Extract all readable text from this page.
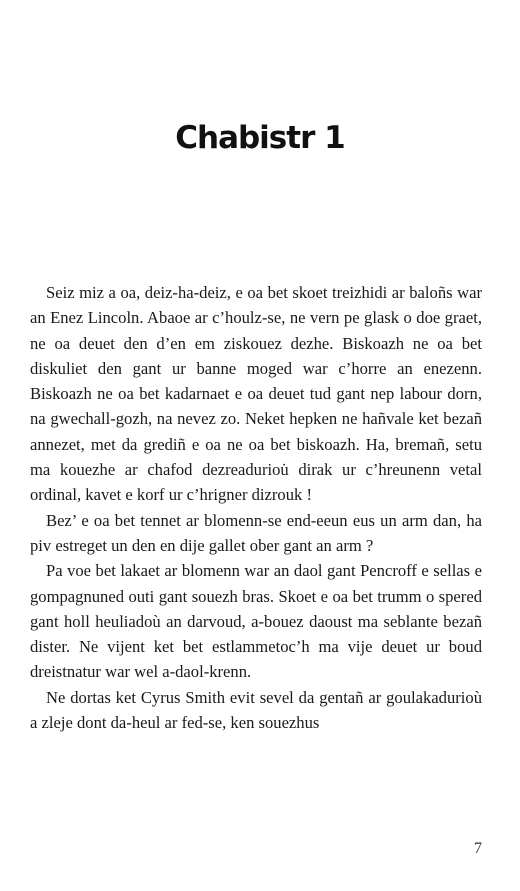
Chabistr 1

Seiz miz a oa, deiz-ha-deiz, e oa bet skoet treizhidi ar baloñs war an Enez Lincoln. Abaoe ar c’houlz-se, ne vern pe glask o doe graet, ne oa deuet den d’en em ziskouez dezhe. Biskoazh ne oa bet diskuliet den gant ur banne moged war c’horre an enezenn. Biskoazh ne oa bet kadarnaet e oa deuet tud gant nep labour dorn, na gwechall-gozh, na nevez zo. Neket hepken ne hañvale ket bezañ annezet, met da grediñ e oa ne oa bet biskoazh. Ha, bremañ, setu ma kouezhe ar chafod dezreaduriou̇ dirak ur c’hreunenn vetal ordinal, kavet e korf ur c’hrigner dizrouk !

Bez’ e oa bet tennet ar blomenn-se end-eeun eus un arm dan, ha piv estreget un den en dije gallet ober gant an arm ?

Pa voe bet lakaet ar blomenn war an daol gant Pencroff e sellas e gompagnuned outi gant souezh bras. Skoet e oa bet trumm o spered gant holl heuliadoù an darvoud, a-bouez daoust ma seblante bezañ dister. Ne vijent ket bet estlammetoc’h ma vije deuet ur boud dreistnatur war wel a-daol-krenn.

Ne dortas ket Cyrus Smith evit sevel da gentañ ar goulakadurioù a zleje dont da-heul ar fed-se, ken souezhus

7
